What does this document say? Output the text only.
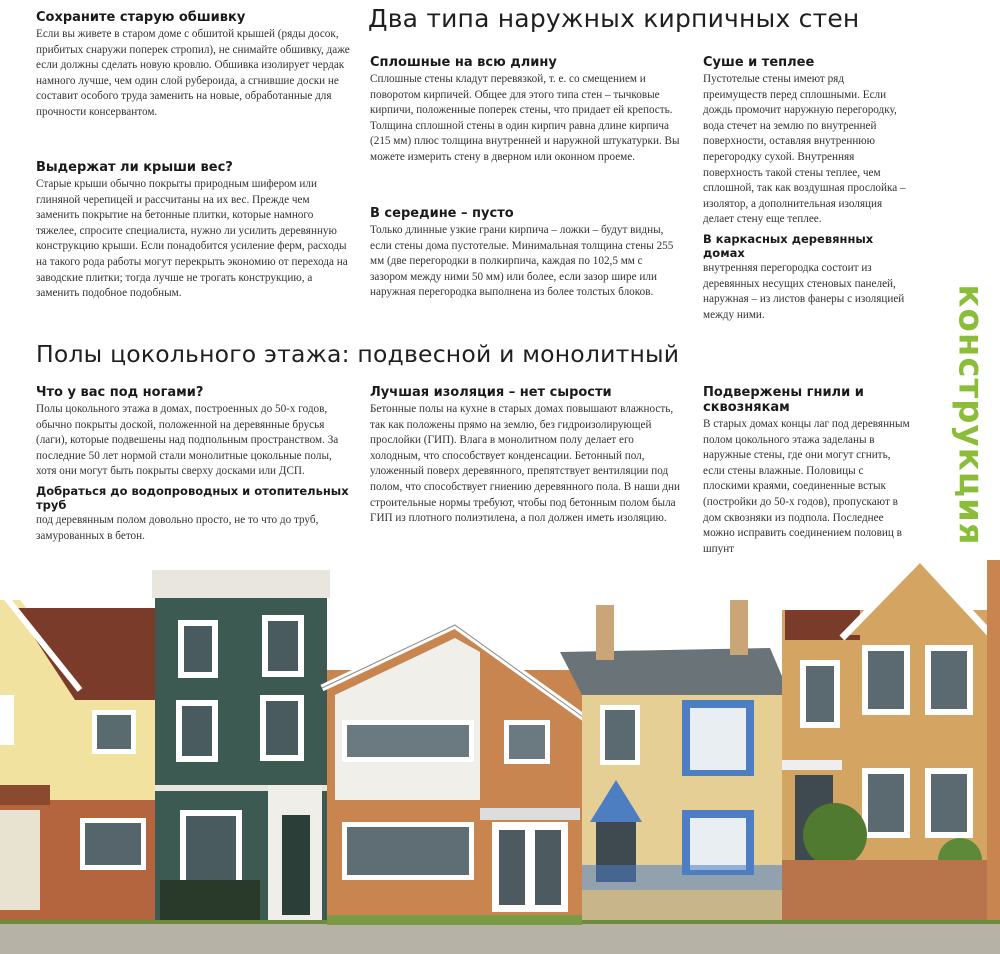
Сохраните старую обшивку

Если вы живете в старом доме с обшитой крышей (ряды досок, прибитых снаружи поперек стропил), не снимайте обшивку, даже если должны сделать новую кровлю. Обшивка изолирует чердак намного лучше, чем один слой рубероида, а сгнившие доски не составит особого труда заменить на новые, обработанные для прочности консервантом.

Выдержат ли крыши вес?

Старые крыши обычно покрыты природным шифером или глиняной черепицей и рассчитаны на их вес. Прежде чем заменить покрытие на бетонные плитки, которые намного тяжелее, спросите специалиста, нужно ли усилить деревянную конструкцию крыши. Если понадобится усиление ферм, расходы на такого рода работы могут перекрыть экономию от перехода на заводские плитки; тогда лучше не трогать конструкцию, а заменить подобное подобным.

Два типа наружных кирпичных стен
Сплошные на всю длину

Сплошные стены кладут перевязкой, т. е. со смещением и поворотом кирпичей. Общее для этого типа стен – тычковые кирпичи, положенные поперек стены, что придает ей крепость. Толщина сплошной стены в один кирпич равна длине кирпича (215 мм) плюс толщина внутренней и наружной штукатурки. Вы можете измерить стену в дверном или оконном проеме.

В середине – пусто

Только длинные узкие грани кирпича – ложки – будут видны, если стены дома пустотелые. Минимальная толщина стены 255 мм (две перегородки в полкирпича, каждая по 102,5 мм с зазором между ними 50 мм) или более, если зазор шире или наружная перегородка выполнена из более толстых блоков.

Суше и теплее

Пустотелые стены имеют ряд преимуществ перед сплошными. Если дождь промочит наружную перегородку, вода стечет на землю по внутренней поверхности, оставляя внутреннюю перегородку сухой. Внутренняя поверхность такой стены теплее, чем сплошной, так как воздушная прослойка – изолятор, а дополнительная изоляция делает стену еще теплее.

В каркасных деревянных домах

внутренняя перегородка состоит из деревянных несущих стеновых панелей, наружная – из листов фанеры с изоляцией между ними.

Полы цокольного этажа: подвесной и монолитный
Что у вас под ногами?

Полы цокольного этажа в домах, построенных до 50-х годов, обычно покрыты доской, положенной на деревянные брусья (лаги), которые подвешены над подпольным пространством. За последние 50 лет нормой стали монолитные цокольные полы, хотя они могут быть покрыты сверху досками или ДСП.

Добраться до водопроводных и отопительных труб

под деревянным полом довольно просто, не то что до труб, замурованных в бетон.

Лучшая изоляция – нет сырости

Бетонные полы на кухне в старых домах повышают влажность, так как положены прямо на землю, без гидроизолирующей прослойки (ГИП). Влага в монолитном полу делает его холодным, что способствует конденсации. Бетонный пол, уложенный поверх деревянного, препятствует вентиляции под полом, что способствует гниению деревянного пола. В наши дни строительные нормы требуют, чтобы под бетонным полом была ГИП из плотного полиэтилена, а пол должен иметь изоляцию.

Подвержены гнили и сквознякам

В старых домах концы лаг под деревянным полом цокольного этажа заделаны в наружные стены, где они могут сгнить, если стены влажные. Половицы с плоскими краями, соединенные встык (постройки до 50-х годов), пропускают в дом сквозняки из подпола. Последнее можно исправить соединением половиц в шпунт

конструкция
